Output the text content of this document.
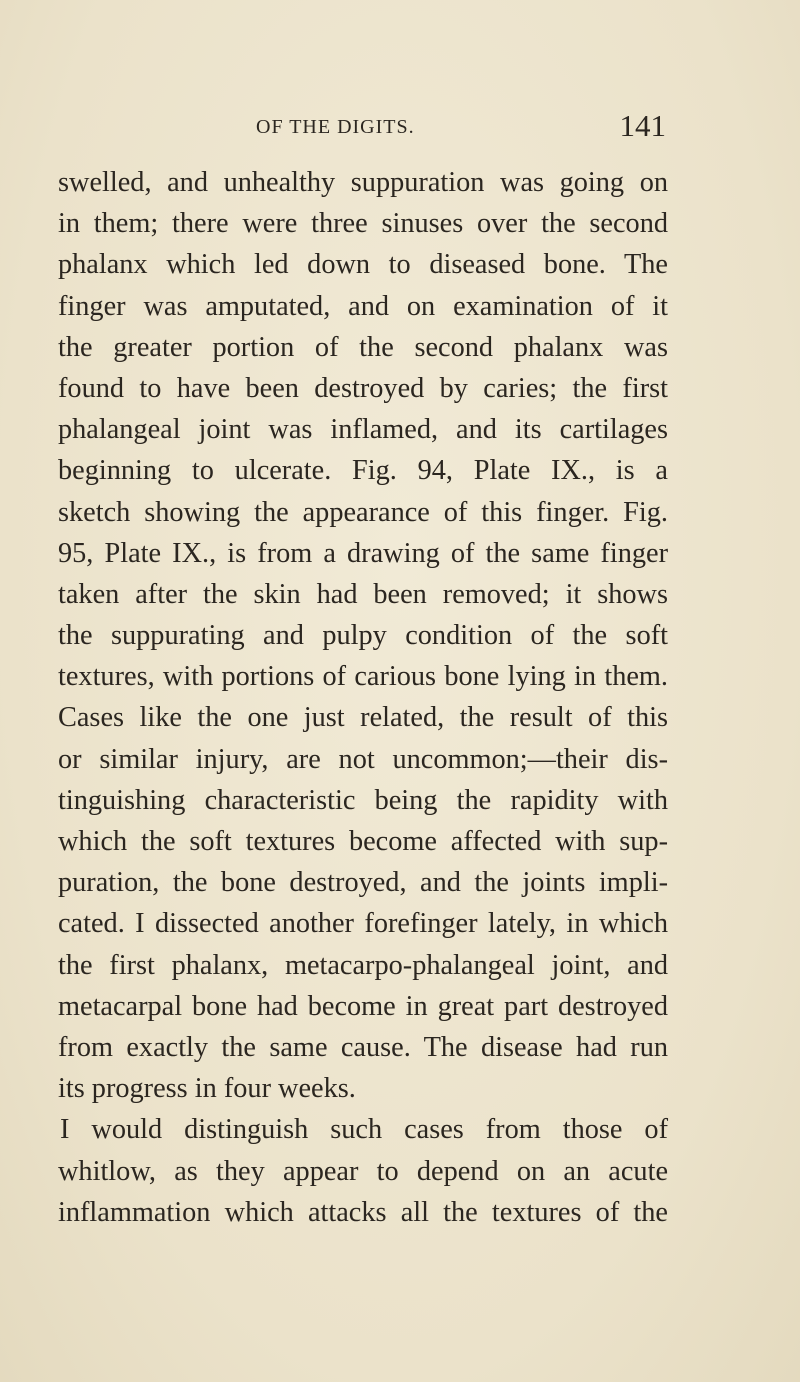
OF THE DIGITS.	141
swelled, and unhealthy suppuration was going on
in them; there were three sinuses over the second
phalanx which led down to diseased bone. The
finger was amputated, and on examination of it
the greater portion of the second phalanx was
found to have been destroyed by caries; the first
phalangeal joint was inflamed, and its cartilages
beginning to ulcerate. Fig. 94, Plate IX., is a
sketch showing the appearance of this finger. Fig.
95, Plate IX., is from a drawing of the same finger
taken after the skin had been removed; it shows
the suppurating and pulpy condition of the soft
textures, with portions of carious bone lying in them.
Cases like the one just related, the result of this
or similar injury, are not uncommon;—their dis-
tinguishing characteristic being the rapidity with
which the soft textures become affected with sup-
puration, the bone destroyed, and the joints impli-
cated. I dissected another forefinger lately, in which
the first phalanx, metacarpo-phalangeal joint, and
metacarpal bone had become in great part destroyed
from exactly the same cause. The disease had run
its progress in four weeks.
I would distinguish such cases from those of
whitlow, as they appear to depend on an acute
inflammation which attacks all the textures of the
